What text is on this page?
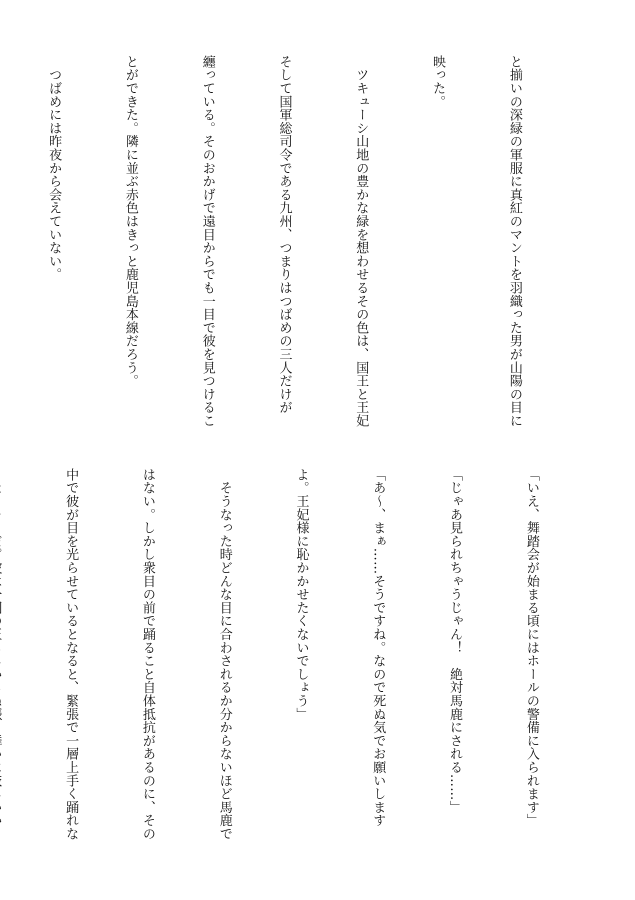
と揃いの深緑の軍服に真紅のマントを羽織った男が山陽の目に

映った。

　ツキューシ山地の豊かな緑を想わせるその色は、国王と王妃

そして国軍総司令である九州、つまりはつばめの三人だけが

纏っている。そのおかげで遠目からでも一目で彼を見つけるこ

とができた。隣に並ぶ赤色はきっと鹿児島本線だろう。

　つばめには昨夜から会えていない。

「いえ、舞踏会が始まる頃にはホールの警備に入られます」

「じゃあ見られちゃうじゃん！　絶対馬鹿にされる……」

「あ〜、まぁ……そうですね。なので死ぬ気でお願いします

よ。王妃様に恥かかせたくないでしょう」

　そうなった時どんな目に合わされるか分からないほど馬鹿で

はない。しかし衆目の前で踊ること自体抵抗があるのに、その

中で彼が目を光らせているとなると、緊張で一層上手く踊れな
